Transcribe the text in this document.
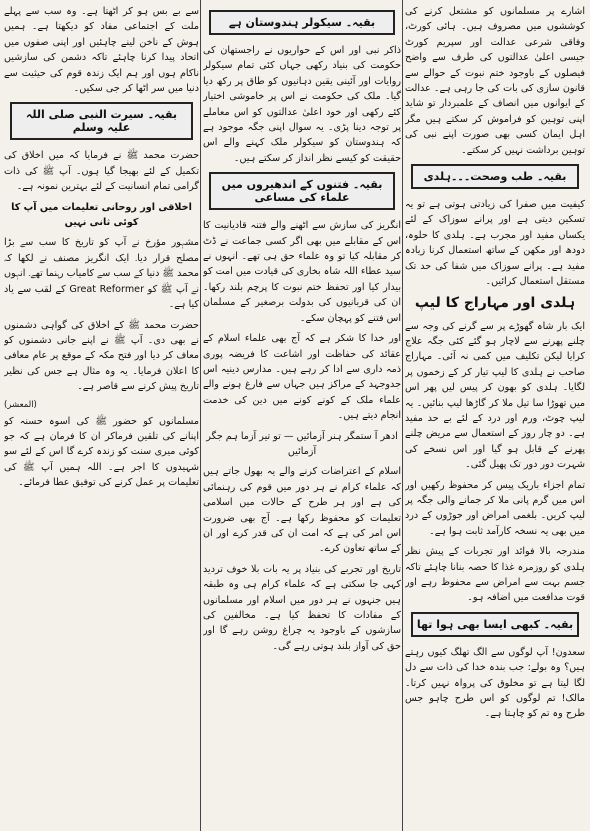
اشارے پر مسلمانوں کو مشتعل کرنے کی کوششوں میں مصروف ہیں۔ ہائی کورٹ، وفاقی شرعی عدالت اور سپریم کورٹ جیسی اعلیٰ عدالتوں کی طرف سے واضح فیصلوں کے باوجود ختم نبوت کے حوالے سے قانون سازی کی بات کی جا رہی ہے۔ عدالت کے ایوانوں میں انصاف کے علمبردار تو شاید اپنی توہین کو فراموش کر سکتے ہیں مگر اہل ایمان کسی بھی صورت اپنے نبی کی توہین برداشت نہیں کر سکتے۔

بقیہ۔ طب وصحت۔۔۔ہلدی

کیفیت میں صفرا کی زیادتی ہوتی ہے تو یہ تسکین دیتی ہے اور پرانے سوزاک کے لئے یکساں مفید اور مجرب ہے۔ ہلدی کا حلوہ، دودھ اور مکھن کے ساتھ استعمال کرنا زیادہ مفید ہے۔ پرانے سوزاک میں شفا کی حد تک مستقل استعمال کرائیں۔

ہلدی اور مہاراج کا لیپ

ایک بار شاہ گھوڑے پر سے گرنے کی وجہ سے چلنے پھرنے سے لاچار ہو گئے کئی جگہ علاج کرایا لیکن تکلیف میں کمی نہ آئی۔ مہاراج صاحب نے ہلدی کا لیپ تیار کر کے زخموں پر لگایا۔ ہلدی کو بھون کر پیس لیں پھر اس میں تھوڑا سا تیل ملا کر گاڑھا لیپ بنائیں۔ یہ لیپ چوٹ، ورم اور درد کے لئے بے حد مفید ہے۔ دو چار روز کے استعمال سے مریض چلنے پھرنے کے قابل ہو گیا اور اس نسخے کی شہرت دور دور تک پھیل گئی۔

تمام اجزاء باریک پیس کر محفوظ رکھیں اور اس میں گرم پانی ملا کر جمانے والی جگہ پر لیپ کریں۔ بلغمی امراض اور جوڑوں کے درد میں بھی یہ نسخہ کارآمد ثابت ہوا ہے۔

مندرجہ بالا فوائد اور تجربات کے پیش نظر ہلدی کو روزمرہ غذا کا حصہ بنانا چاہئے تاکہ جسم بہت سے امراض سے محفوظ رہے اور قوت مدافعت میں اضافہ ہو۔

بقیہ۔ کبھی ایسا بھی ہوا تھا

سعدون! آپ لوگوں سے الگ تھلگ کیوں رہتے ہیں؟ وہ بولے: جب بندہ خدا کی ذات سے دل لگا لیتا ہے تو مخلوق کی پرواہ نہیں کرتا۔ مالک! تم لوگوں کو اس طرح چاہو جس طرح وہ تم کو چاہتا ہے۔

بقیہ۔ سیکولر ہندوستان ہے

ذاکر نبی اور اس کے حواریوں نے راجستھان کی حکومت کی بنیاد رکھی جہاں کئی تمام سیکولر روایات اور آئینی یقین دہانیوں کو طاق پر رکھ دیا گیا۔ ملک کی حکومت نے اس پر خاموشی اختیار کئے رکھی اور خود اعلیٰ عدالتوں کو اس معاملے پر توجہ دینا پڑی۔ یہ سوال اپنی جگہ موجود ہے کہ ہندوستان کو سیکولر ملک کہنے والے اس حقیقت کو کیسے نظر انداز کر سکتے ہیں۔

بقیہ۔ فتنوں کے اندھیروں میں علماء کی مساعی

انگریز کی سازش سے اٹھنے والے فتنہ قادیانیت کا اس کے مقابلے میں بھی اگر کسی جماعت نے ڈٹ کر مقابلہ کیا تو وہ علماء حق ہی تھے۔ انہوں نے سید عطاء اللہ شاہ بخاری کی قیادت میں امت کو بیدار کیا اور تحفظ ختم نبوت کا پرچم بلند رکھا۔ ان کی قربانیوں کی بدولت برصغیر کے مسلمان اس فتنے کو پہچان سکے۔

اور خدا کا شکر ہے کہ آج بھی علماء اسلام کے عقائد کی حفاظت اور اشاعت کا فریضہ پوری ذمہ داری سے ادا کر رہے ہیں۔ مدارس دینیہ اس جدوجہد کے مراکز ہیں جہاں سے فارغ ہونے والے علماء ملک کے کونے کونے میں دین کی خدمت انجام دیتے ہیں۔

ادھر آ ستمگر ہنر آزمائیں — تو تیر آزما ہم جگر آزمائیں

اسلام کے اعتراضات کرنے والے یہ بھول جاتے ہیں کہ علماء کرام نے ہر دور میں قوم کی رہنمائی کی ہے اور ہر طرح کے حالات میں اسلامی تعلیمات کو محفوظ رکھا ہے۔ آج بھی ضرورت اس امر کی ہے کہ امت ان کی قدر کرے اور ان کے ساتھ تعاون کرے۔

تاریخ اور تجربے کی بنیاد پر یہ بات بلا خوف تردید کہی جا سکتی ہے کہ علماء کرام ہی وہ طبقہ ہیں جنہوں نے ہر دور میں اسلام اور مسلمانوں کے مفادات کا تحفظ کیا ہے۔ مخالفین کی سازشوں کے باوجود یہ چراغ روشن رہے گا اور حق کی آواز بلند ہوتی رہے گی۔

سے بے بس ہو کر اٹھتا ہے۔ وہ سب سے پہلے ملت کے اجتماعی مفاد کو دیکھتا ہے۔ ہمیں ہوش کے ناخن لینے چاہئیں اور اپنی صفوں میں اتحاد پیدا کرنا چاہئے تاکہ دشمن کی سازشیں ناکام ہوں اور ہم ایک زندہ قوم کی حیثیت سے دنیا میں سر اٹھا کر جی سکیں۔

بقیہ۔ سیرت النبی صلی اللہ علیہ وسلم

حضرت محمد ﷺ نے فرمایا کہ میں اخلاق کی تکمیل کے لئے بھیجا گیا ہوں۔ آپ ﷺ کی ذات گرامی تمام انسانیت کے لئے بہترین نمونہ ہے۔

اخلاقی اور روحانی تعلیمات میں آپ کا کوئی ثانی نہیں

مشہور مؤرخ نے آپ کو تاریخ کا سب سے بڑا مصلح قرار دیا۔ ایک انگریز مصنف نے لکھا کہ محمد ﷺ دنیا کے سب سے کامیاب رہنما تھے۔ انہوں نے آپ ﷺ کو Great Reformer کے لقب سے یاد کیا ہے۔

حضرت محمد ﷺ کے اخلاق کی گواہی دشمنوں نے بھی دی۔ آپ ﷺ نے اپنے جانی دشمنوں کو معاف کر دیا اور فتح مکہ کے موقع پر عام معافی کا اعلان فرمایا۔ یہ وہ مثال ہے جس کی نظیر تاریخ پیش کرنے سے قاصر ہے۔

(المعشر)

مسلمانوں کو حضور ﷺ کی اسوہ حسنہ کو اپنانے کی تلقین فرماکر ان کا فرمان ہے کہ جو کوئی میری سنت کو زندہ کرے گا اس کے لئے سو شہیدوں کا اجر ہے۔ اللہ ہمیں آپ ﷺ کی تعلیمات پر عمل کرنے کی توفیق عطا فرمائے۔
